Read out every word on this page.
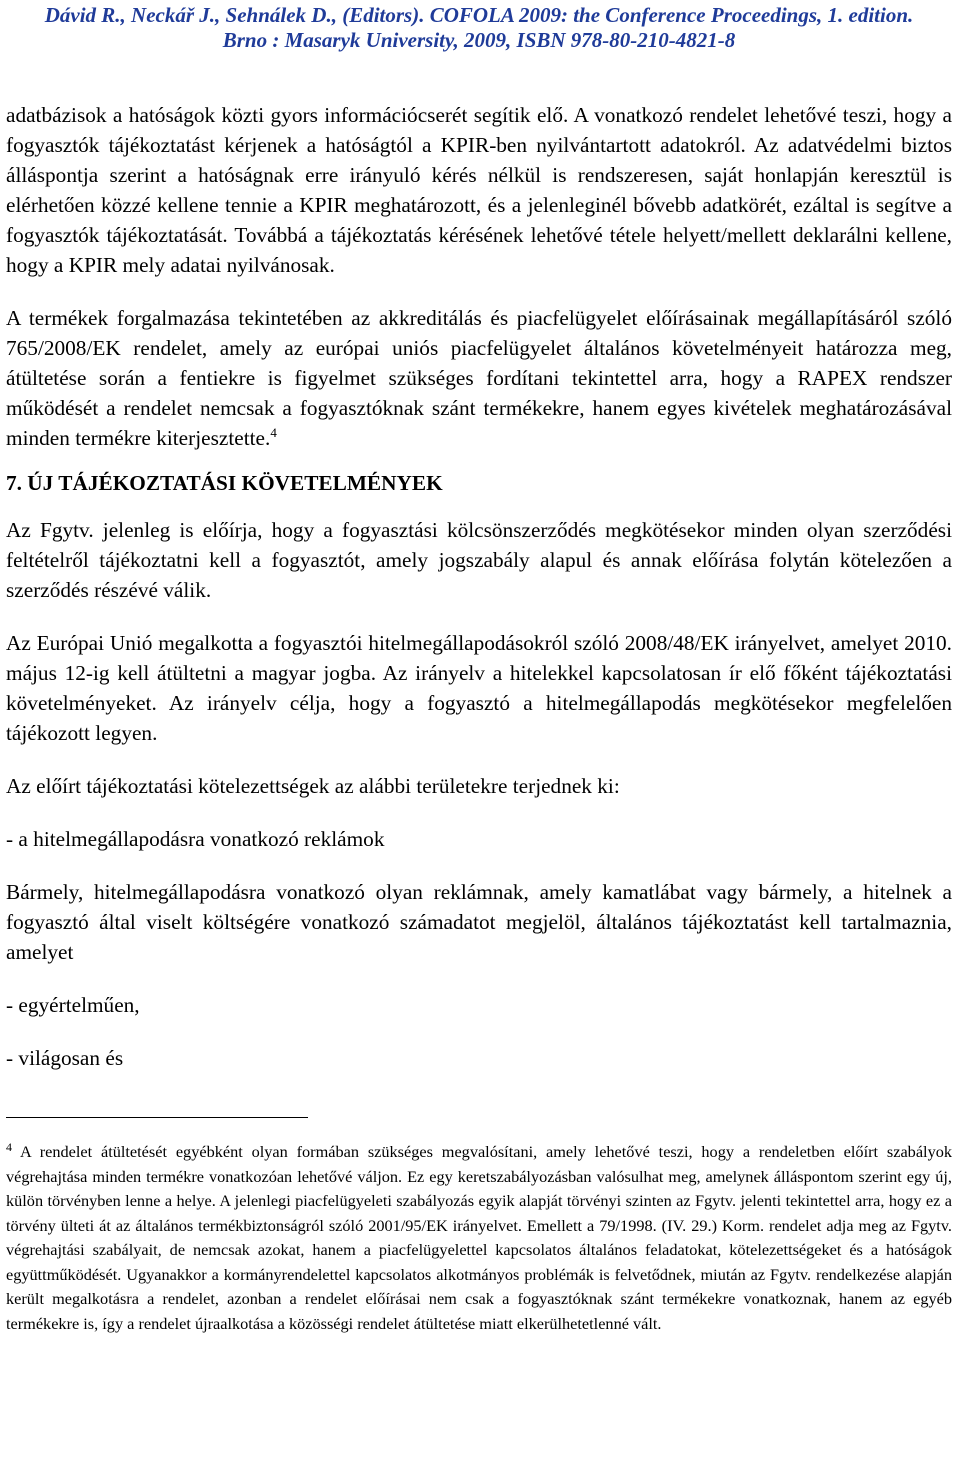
Dávid R., Neckář J., Sehnálek D., (Editors). COFOLA 2009: the Conference Proceedings, 1. edition.
Brno : Masaryk University, 2009, ISBN 978-80-210-4821-8

adatbázisok a hatóságok közti gyors információcserét segítik elő. A vonatkozó rendelet lehetővé teszi, hogy a fogyasztók tájékoztatást kérjenek a hatóságtól a KPIR-ben nyilvántartott adatokról. Az adatvédelmi biztos álláspontja szerint a hatóságnak erre irányuló kérés nélkül is rendszeresen, saját honlapján keresztül is elérhetően közzé kellene tennie a KPIR meghatározott, és a jelenleginél bővebb adatkörét, ezáltal is segítve a fogyasztók tájékoztatását. Továbbá a tájékoztatás kérésének lehetővé tétele helyett/mellett deklarálni kellene, hogy a KPIR mely adatai nyilvánosak.

A termékek forgalmazása tekintetében az akkreditálás és piacfelügyelet előírásainak megállapításáról szóló 765/2008/EK rendelet, amely az európai uniós piacfelügyelet általános követelményeit határozza meg, átültetése során a fentiekre is figyelmet szükséges fordítani tekintettel arra, hogy a RAPEX rendszer működését a rendelet nemcsak a fogyasztóknak szánt termékekre, hanem egyes kivételek meghatározásával minden termékre kiterjesztette.$^4$

7. ÚJ TÁJÉKOZTATÁSI KÖVETELMÉNYEK

Az Fgytv. jelenleg is előírja, hogy a fogyasztási kölcsönszerződés megkötésekor minden olyan szerződési feltételről tájékoztatni kell a fogyasztót, amely jogszabály alapul és annak előírása folytán kötelezően a szerződés részévé válik.

Az Európai Unió megalkotta a fogyasztói hitelmegállapodásokról szóló 2008/48/EK irányelvet, amelyet 2010. május 12-ig kell átültetni a magyar jogba. Az irányelv a hitelekkel kapcsolatosan ír elő főként tájékoztatási követelményeket. Az irányelv célja, hogy a fogyasztó a hitelmegállapodás megkötésekor megfelelően tájékozott legyen.

Az előírt tájékoztatási kötelezettségek az alábbi területekre terjednek ki:

- a hitelmegállapodásra vonatkozó reklámok

Bármely, hitelmegállapodásra vonatkozó olyan reklámnak, amely kamatlábat vagy bármely, a hitelnek a fogyasztó által viselt költségére vonatkozó számadatot megjelöl, általános tájékoztatást kell tartalmaznia, amelyet

- egyértelműen,

- világosan és

$^4$ A rendelet átültetését egyébként olyan formában szükséges megvalósítani, amely lehetővé teszi, hogy a rendeletben előírt szabályok végrehajtása minden termékre vonatkozóan lehetővé váljon. Ez egy keretszabályozásban valósulhat meg, amelynek álláspontom szerint egy új, külön törvényben lenne a helye. A jelenlegi piacfelügyeleti szabályozás egyik alapját törvényi szinten az Fgytv. jelenti tekintettel arra, hogy ez a törvény ülteti át az általános termékbiztonságról szóló 2001/95/EK irányelvet. Emellett a 79/1998. (IV. 29.) Korm. rendelet adja meg az Fgytv. végrehajtási szabályait, de nemcsak azokat, hanem a piacfelügyelettel kapcsolatos általános feladatokat, kötelezettségeket és a hatóságok együttműködését. Ugyanakkor a kormányrendelettel kapcsolatos alkotmányos problémák is felvetődnek, miután az Fgytv. rendelkezése alapján került megalkotásra a rendelet, azonban a rendelet előírásai nem csak a fogyasztóknak szánt termékekre vonatkoznak, hanem az egyéb termékekre is, így a rendelet újraalkotása a közösségi rendelet átültetése miatt elkerülhetetlenné vált.
